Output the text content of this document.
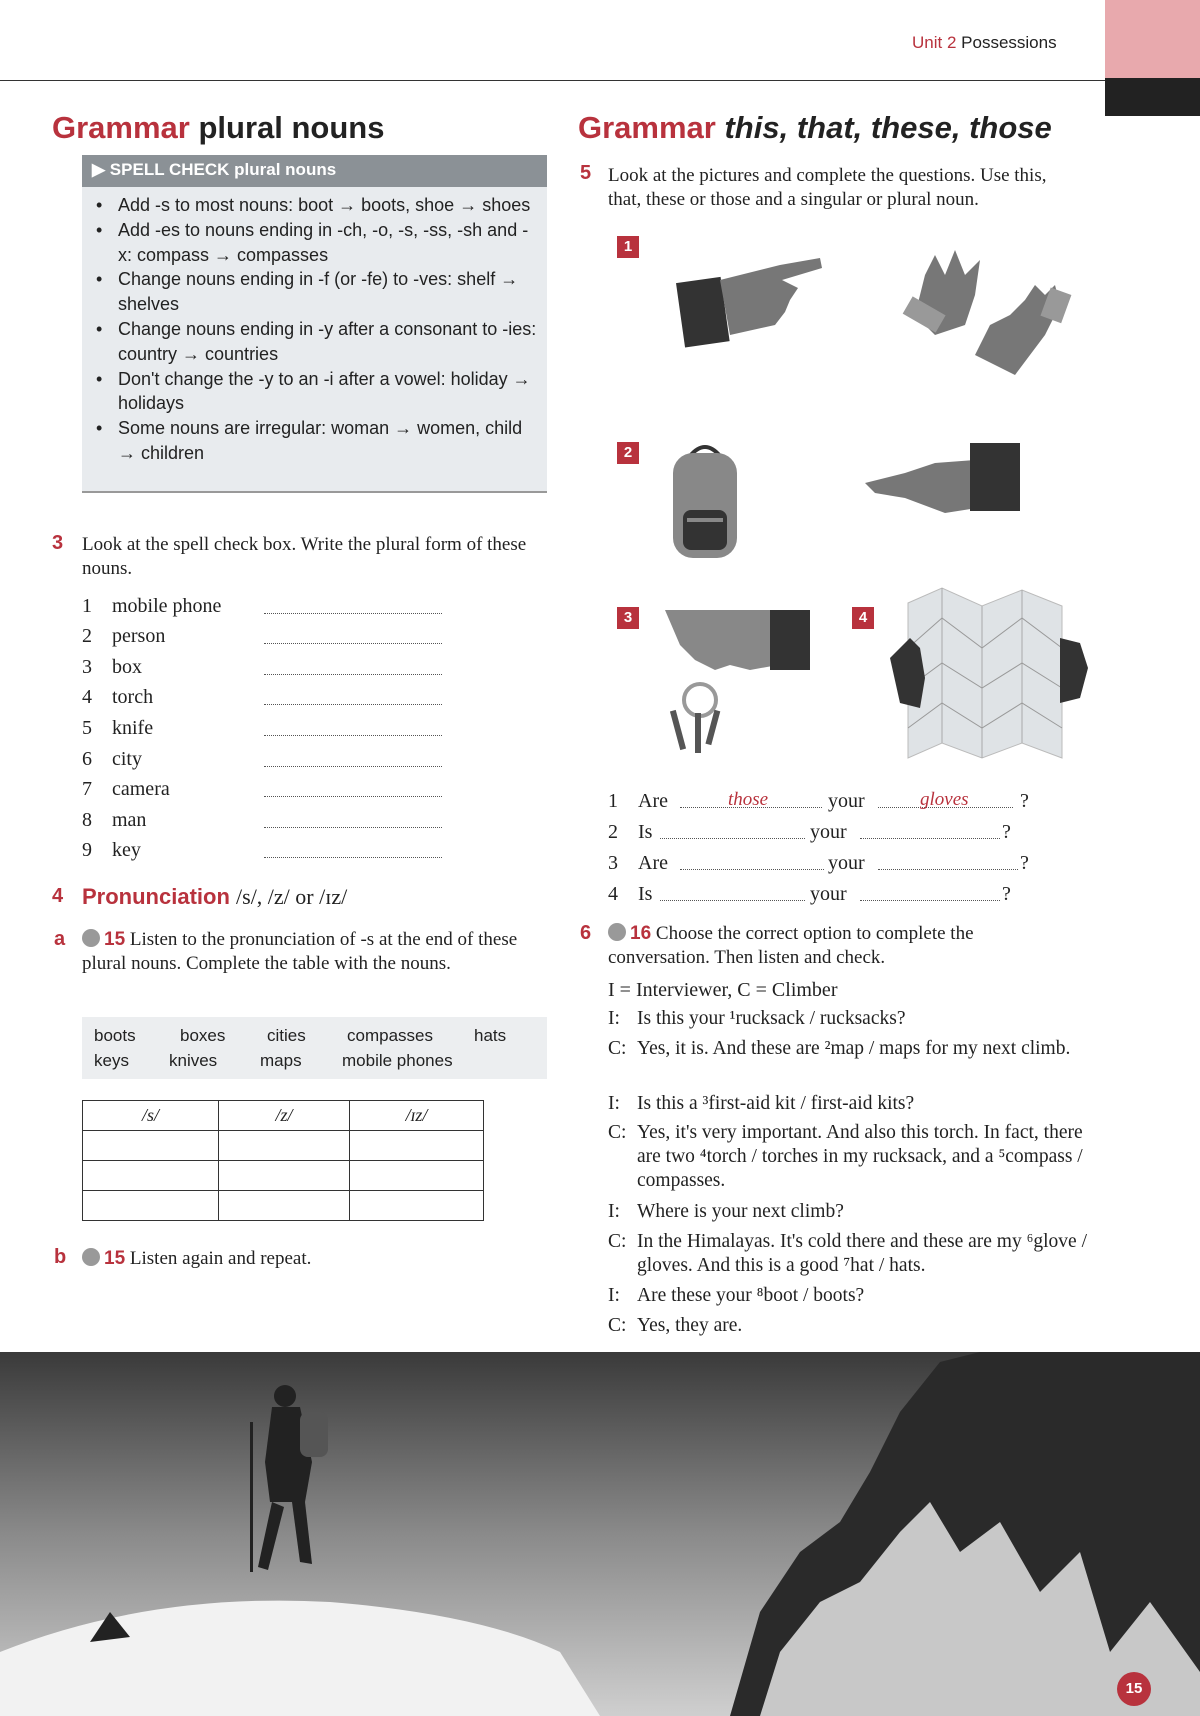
Unit 2 Possessions
Grammar plural nouns
▶ SPELL CHECK plural nouns
• Add -s to most nouns: boot → boots, shoe → shoes
• Add -es to nouns ending in -ch, -o, -s, -ss, -sh and -x: compass → compasses
• Change nouns ending in -f (or -fe) to -ves: shelf → shelves
• Change nouns ending in -y after a consonant to -ies: country → countries
• Don't change the -y to an -i after a vowel: holiday → holidays
• Some nouns are irregular: woman → women, child → children
3 Look at the spell check box. Write the plural form of these nouns.
1	mobile phone
2	person
3	box
4	torch
5	knife
6	city
7	camera
8	man
9	key
4 Pronunciation /s/, /z/ or /ɪz/
a	15 Listen to the pronunciation of -s at the end of these plural nouns. Complete the table with the nouns.
boots	boxes cities compasses hats
keys knives	maps mobile phones
/s/	/z/	/ɪz/

b	15 Listen again and repeat.
Grammar this, that, these, those
5 Look at the pictures and complete the questions. Use this, that, these or those and a singular or plural noun.
1
2
3	4
1 Are	those	your	gloves	?
2 Is	your	?
3 Are	your	?
4 Is	your	?
6	16 Choose the correct option to complete the conversation. Then listen and check.
I = Interviewer, C = Climber
I: Is this your ¹rucksack / rucksacks?
C: Yes, it is. And these are ²map / maps for my next climb.
I: Is this a ³first-aid kit / first-aid kits?
C: Yes, it's very important. And also this torch. In fact, there are two ⁴torch / torches in my rucksack, and a ⁵compass / compasses.
I: Where is your next climb?
C: In the Himalayas. It's cold there and these are my ⁶glove / gloves. And this is a good ⁷hat / hats.
I: Are these your ⁸boot / boots?
C: Yes, they are.
15
